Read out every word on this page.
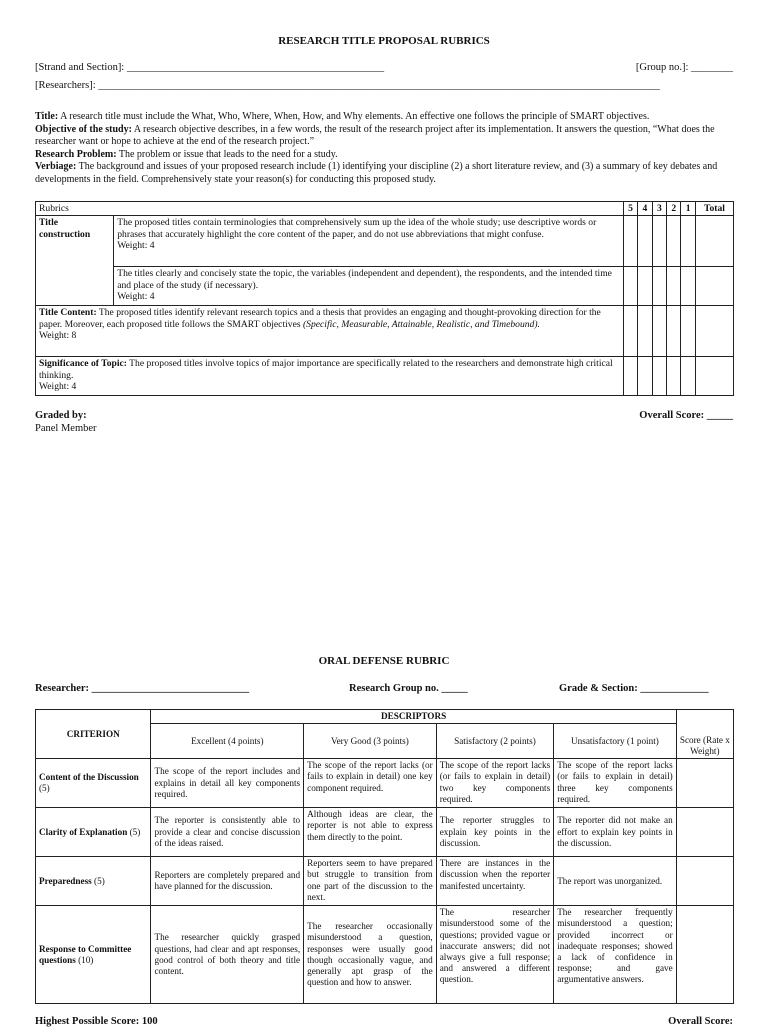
RESEARCH TITLE PROPOSAL RUBRICS
[Strand and Section]: _________________________________________________	[Group no.]: ________
[Researchers]: ___________________________________________________________________________________________________________
Title: A research title must include the What, Who, Where, When, How, and Why elements. An effective one follows the principle of SMART objectives.
Objective of the study: A research objective describes, in a few words, the result of the research project after its implementation. It answers the question, “What does the researcher want or hope to achieve at the end of the research project.”
Research Problem: The problem or issue that leads to the need for a study.
Verbiage: The background and issues of your proposed research include (1) identifying your discipline (2) a short literature review, and (3) a summary of key debates and developments in the field. Comprehensively state your reason(s) for conducting this proposed study.
Rubrics		5	4	3	2	1	Total
Title construction	The proposed titles contain terminologies that comprehensively sum up the idea of the whole study; use descriptive words or phrases that accurately highlight the core content of the paper, and do not use abbreviations that might confuse.
Weight: 4						

	The titles clearly and concisely state the topic, the variables (independent and dependent), the respondents, and the intended time and place of the study (if necessary).
Weight: 4						

Title Content: The proposed titles identify relevant research topics and a thesis that provides an engaging and thought-provoking direction for the paper. Moreover, each proposed title follows the SMART objectives (Specific, Measurable, Attainable, Realistic, and Timebound).
Weight: 8							

Significance of Topic: The proposed titles involve topics of major importance are specifically related to the researchers and demonstrate high critical thinking.
Weight: 4							

Graded by:
Panel Member
Overall Score: _____
ORAL DEFENSE RUBRIC
Researcher: ______________________________	Research Group no. _____	Grade & Section: _____________
CRITERION	DESCRIPTORS				Score (Rate x Weight)
	Excellent (4 points)	Very Good (3 points)	Satisfactory (2 points)	Unsatisfactory (1 point)	
Content of the Discussion (5)	The scope of the report includes and explains in detail all key components required.	The scope of the report lacks (or fails to explain in detail) one key component required.	The scope of the report lacks (or fails to explain in detail) two key components required.	The scope of the report lacks (or fails to explain in detail) three key components required.	
Clarity of Explanation (5)	The reporter is consistently able to provide a clear and concise discussion of the ideas raised.	Although ideas are clear, the reporter is not able to express them directly to the point.	The reporter struggles to explain key points in the discussion.	The reporter did not make an effort to explain key points in the discussion.	
Preparedness (5)	Reporters are completely prepared and have planned for the discussion.	Reporters seem to have prepared but struggle to transition from one part of the discussion to the next.	There are instances in the discussion when the reporter manifested uncertainty.	The report was unorganized.	
Response to Committee questions (10)	The researcher quickly grasped questions, had clear and apt responses, good control of both theory and title content.	The researcher occasionally misunderstood a question, responses were usually good though occasionally vague, and generally apt grasp of the question and how to answer.	The researcher misunderstood some of the questions; provided vague or inaccurate answers; did not always give a full response; and answered a different question.	The researcher frequently misunderstood a question; provided incorrect or inadequate responses; showed a lack of confidence in response; and gave argumentative answers.	
Highest Possible Score: 100	Overall Score:
